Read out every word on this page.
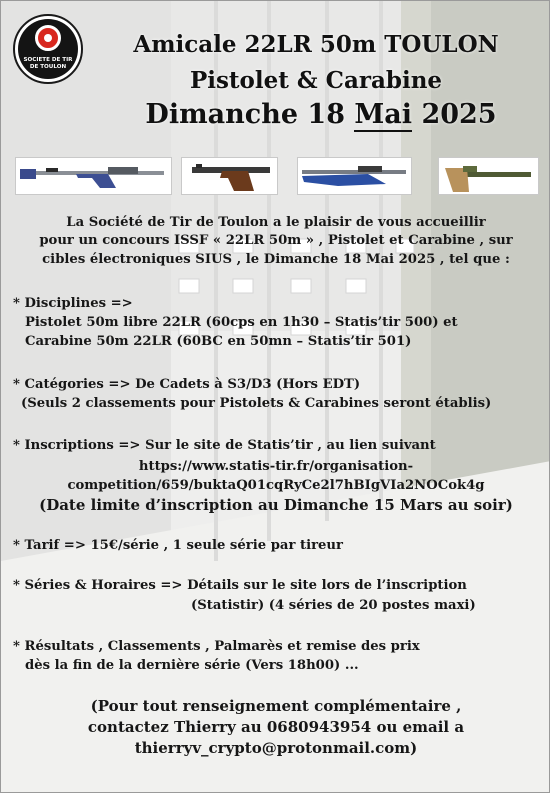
SOCIETE DE TIR
DE TOULON
Amicale 22LR 50m TOULON
Pistolet & Carabine
Dimanche 18 Mai 2025
La Société de Tir de Toulon a le plaisir de vous accueillir
pour un concours ISSF « 22LR 50m » , Pistolet et Carabine , sur
cibles électroniques SIUS , le Dimanche 18 Mai 2025 , tel que :
* Disciplines =>
Pistolet 50m libre 22LR (60cps en 1h30 – Statis’tir 500) et
Carabine 50m 22LR (60BC en 50mn – Statis’tir 501)
* Catégories => De Cadets à S3/D3 (Hors EDT)
(Seuls 2 classements pour Pistolets & Carabines seront établis)
* Inscriptions => Sur le site de Statis’tir , au lien suivant
https://www.statis-tir.fr/organisation-
competition/659/buktaQ01cqRyCe2l7hBIgVIa2NOCok4g
(Date limite d’inscription au Dimanche 15 Mars au soir)
* Tarif => 15€/série , 1 seule série par tireur
* Séries & Horaires => Détails sur le site lors de l’inscription
(Statistir) (4 séries de 20 postes maxi)
* Résultats , Classements , Palmarès et remise des prix
dès la fin de la dernière série (Vers 18h00) ...
(Pour tout renseignement complémentaire ,
contactez Thierry au 0680943954 ou email a
thierryv_crypto@protonmail.com)
